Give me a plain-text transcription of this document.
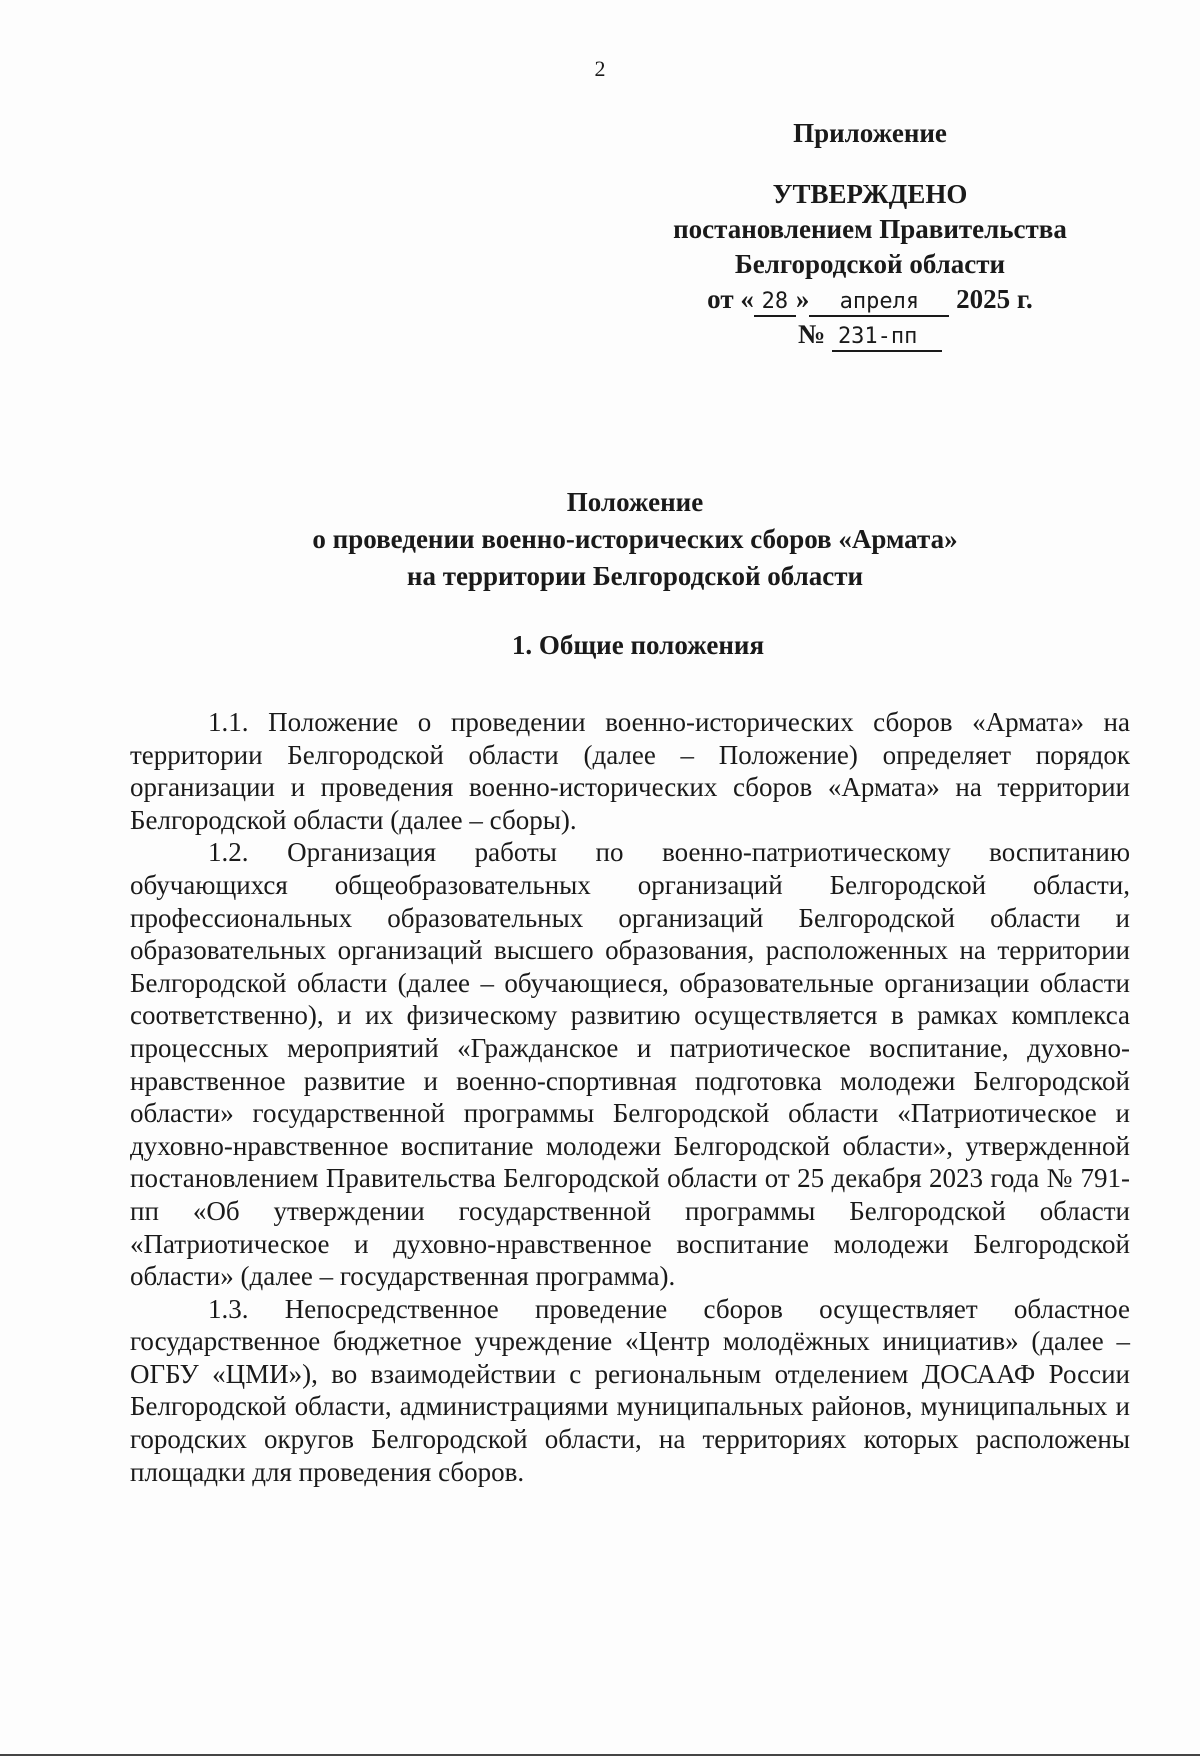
2
Приложение
УТВЕРЖДЕНО
постановлением Правительства
Белгородской области
от « 28 » апреля 2025 г.
№ 231-пп
Положение
о проведении военно-исторических сборов «Армата»
на территории Белгородской области
1. Общие положения

1.1. Положение о проведении военно-исторических сборов «Армата» на территории Белгородской области (далее – Положение) определяет порядок организации и проведения военно-исторических сборов «Армата» на территории Белгородской области (далее – сборы).

1.2. Организация работы по военно-патриотическому воспитанию обучающихся общеобразовательных организаций Белгородской области, профессиональных образовательных организаций Белгородской области и образовательных организаций высшего образования, расположенных на территории Белгородской области (далее – обучающиеся, образовательные организации области соответственно), и их физическому развитию осуществляется в рамках комплекса процессных мероприятий «Гражданское и патриотическое воспитание, духовно-нравственное развитие и военно-спортивная подготовка молодежи Белгородской области» государственной программы Белгородской области «Патриотическое и духовно-нравственное воспитание молодежи Белгородской области», утвержденной постановлением Правительства Белгородской области от 25 декабря 2023 года № 791-пп «Об утверждении государственной программы Белгородской области «Патриотическое и духовно-нравственное воспитание молодежи Белгородской области» (далее – государственная программа).

1.3. Непосредственное проведение сборов осуществляет областное государственное бюджетное учреждение «Центр молодёжных инициатив» (далее – ОГБУ «ЦМИ»), во взаимодействии с региональным отделением ДОСААФ России Белгородской области, администрациями муниципальных районов, муниципальных и городских округов Белгородской области, на территориях которых расположены площадки для проведения сборов.
